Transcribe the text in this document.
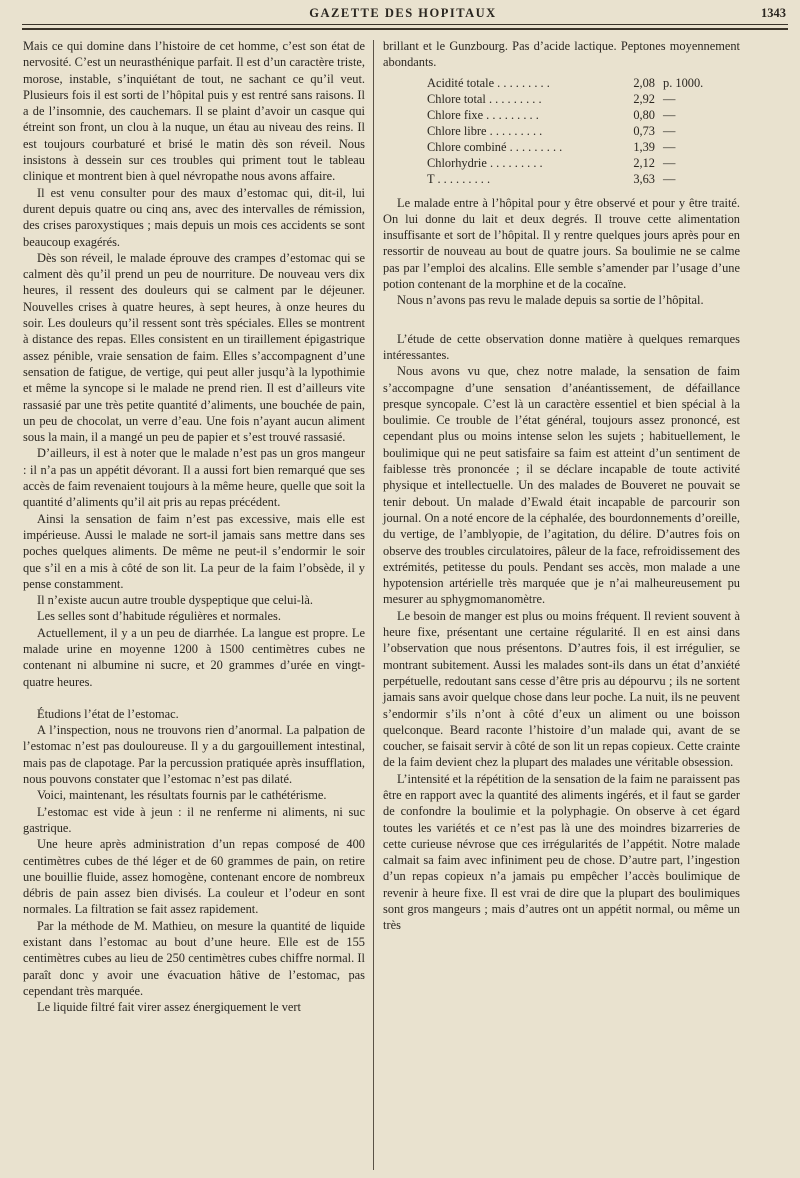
GAZETTE DES HOPITAUX	1343

Mais ce qui domine dans l’histoire de cet homme, c’est son état de nervosité. C’est un neurasthénique parfait. Il est d’un caractère triste, morose, instable, s’inquiétant de tout, ne sachant ce qu’il veut. Plusieurs fois il est sorti de l’hôpital puis y est rentré sans raisons. Il a de l’insomnie, des cauchemars. Il se plaint d’avoir un casque qui étreint son front, un clou à la nuque, un étau au niveau des reins. Il est toujours courbaturé et brisé le matin dès son réveil. Nous insistons à dessein sur ces troubles qui priment tout le tableau clinique et montrent bien à quel névropathe nous avons affaire.

Il est venu consulter pour des maux d’estomac qui, dit-il, lui durent depuis quatre ou cinq ans, avec des intervalles de rémission, des crises paroxystiques ; mais depuis un mois ces accidents se sont beaucoup exagérés.

Dès son réveil, le malade éprouve des crampes d’estomac qui se calment dès qu’il prend un peu de nourriture. De nouveau vers dix heures, il ressent des douleurs qui se calment par le déjeuner. Nouvelles crises à quatre heures, à sept heures, à onze heures du soir. Les douleurs qu’il ressent sont très spéciales. Elles se montrent à distance des repas. Elles consistent en un tiraillement épigastrique assez pénible, vraie sensation de faim. Elles s’accompagnent d’une sensation de fatigue, de vertige, qui peut aller jusqu’à la lypothimie et même la syncope si le malade ne prend rien. Il est d’ailleurs vite rassasié par une très petite quantité d’aliments, une bouchée de pain, un peu de chocolat, un verre d’eau. Une fois n’ayant aucun aliment sous la main, il a mangé un peu de papier et s’est trouvé rassasié.

D’ailleurs, il est à noter que le malade n’est pas un gros mangeur : il n’a pas un appétit dévorant. Il a aussi fort bien remarqué que ses accès de faim revenaient toujours à la même heure, quelle que soit la quantité d’aliments qu’il ait pris au repas précédent.

Ainsi la sensation de faim n’est pas excessive, mais elle est impérieuse. Aussi le malade ne sort-il jamais sans mettre dans ses poches quelques aliments. De même ne peut-il s’endormir le soir que s’il en a mis à côté de son lit. La peur de la faim l’obsède, il y pense constamment.

Il n’existe aucun autre trouble dyspeptique que celui-là.

Les selles sont d’habitude régulières et normales.

Actuellement, il y a un peu de diarrhée. La langue est propre. Le malade urine en moyenne 1200 à 1500 centimètres cubes ne contenant ni albumine ni sucre, et 20 grammes d’urée en vingt-quatre heures.

Étudions l’état de l’estomac.

A l’inspection, nous ne trouvons rien d’anormal. La palpation de l’estomac n’est pas douloureuse. Il y a du gargouillement intestinal, mais pas de clapotage. Par la percussion pratiquée après insufflation, nous pouvons constater que l’estomac n’est pas dilaté.

Voici, maintenant, les résultats fournis par le cathétérisme.

L’estomac est vide à jeun : il ne renferme ni aliments, ni suc gastrique.

Une heure après administration d’un repas composé de 400 centimètres cubes de thé léger et de 60 grammes de pain, on retire une bouillie fluide, assez homogène, contenant encore de nombreux débris de pain assez bien divisés. La couleur et l’odeur en sont normales. La filtration se fait assez rapidement.

Par la méthode de M. Mathieu, on mesure la quantité de liquide existant dans l’estomac au bout d’une heure. Elle est de 155 centimètres cubes au lieu de 250 centimètres cubes chiffre normal. Il paraît donc y avoir une évacuation hâtive de l’estomac, pas cependant très marquée.

Le liquide filtré fait virer assez énergiquement le vert

brillant et le Gunzbourg. Pas d’acide lactique. Peptones moyennement abondants.

Acidité totale . . . . . . . . .	2,08	p. 1000.
Chlore total . . . . . . . . .	2,92	—
Chlore fixe . . . . . . . . .	0,80	—
Chlore libre . . . . . . . . .	0,73	—
Chlore combiné . . . . . . . . .	1,39	—
Chlorhydrie . . . . . . . . .	2,12	—
T . . . . . . . . .	3,63	—

Le malade entre à l’hôpital pour y être observé et pour y être traité. On lui donne du lait et deux degrés. Il trouve cette alimentation insuffisante et sort de l’hôpital. Il y rentre quelques jours après pour en ressortir de nouveau au bout de quatre jours. Sa boulimie ne se calme pas par l’emploi des alcalins. Elle semble s’amender par l’usage d’une potion contenant de la morphine et de la cocaïne.

Nous n’avons pas revu le malade depuis sa sortie de l’hôpital.

L’étude de cette observation donne matière à quelques remarques intéressantes.

Nous avons vu que, chez notre malade, la sensation de faim s’accompagne d’une sensation d’anéantissement, de défaillance presque syncopale. C’est là un caractère essentiel et bien spécial à la boulimie. Ce trouble de l’état général, toujours assez prononcé, est cependant plus ou moins intense selon les sujets ; habituellement, le boulimique qui ne peut satisfaire sa faim est atteint d’un sentiment de faiblesse très prononcée ; il se déclare incapable de toute activité physique et intellectuelle. Un des malades de Bouveret ne pouvait se tenir debout. Un malade d’Ewald était incapable de parcourir son journal. On a noté encore de la céphalée, des bourdonnements d’oreille, du vertige, de l’amblyopie, de l’agitation, du délire. D’autres fois on observe des troubles circulatoires, pâleur de la face, refroidissement des extrémités, petitesse du pouls. Pendant ses accès, mon malade a une hypotension artérielle très marquée que je n’ai malheureusement pu mesurer au sphygmomanomètre.

Le besoin de manger est plus ou moins fréquent. Il revient souvent à heure fixe, présentant une certaine régularité. Il en est ainsi dans l’observation que nous présentons. D’autres fois, il est irrégulier, se montrant subitement. Aussi les malades sont-ils dans un état d’anxiété perpétuelle, redoutant sans cesse d’être pris au dépourvu ; ils ne sortent jamais sans avoir quelque chose dans leur poche. La nuit, ils ne peuvent s’endormir s’ils n’ont à côté d’eux un aliment ou une boisson quelconque. Beard raconte l’histoire d’un malade qui, avant de se coucher, se faisait servir à côté de son lit un repas copieux. Cette crainte de la faim devient chez la plupart des malades une véritable obsession.

L’intensité et la répétition de la sensation de la faim ne paraissent pas être en rapport avec la quantité des aliments ingérés, et il faut se garder de confondre la boulimie et la polyphagie. On observe à cet égard toutes les variétés et ce n’est pas là une des moindres bizarreries de cette curieuse névrose que ces irrégularités de l’appétit. Notre malade calmait sa faim avec infiniment peu de chose. D’autre part, l’ingestion d’un repas copieux n’a jamais pu empêcher l’accès boulimique de revenir à heure fixe. Il est vrai de dire que la plupart des boulimiques sont gros mangeurs ; mais d’autres ont un appétit normal, ou même un très
